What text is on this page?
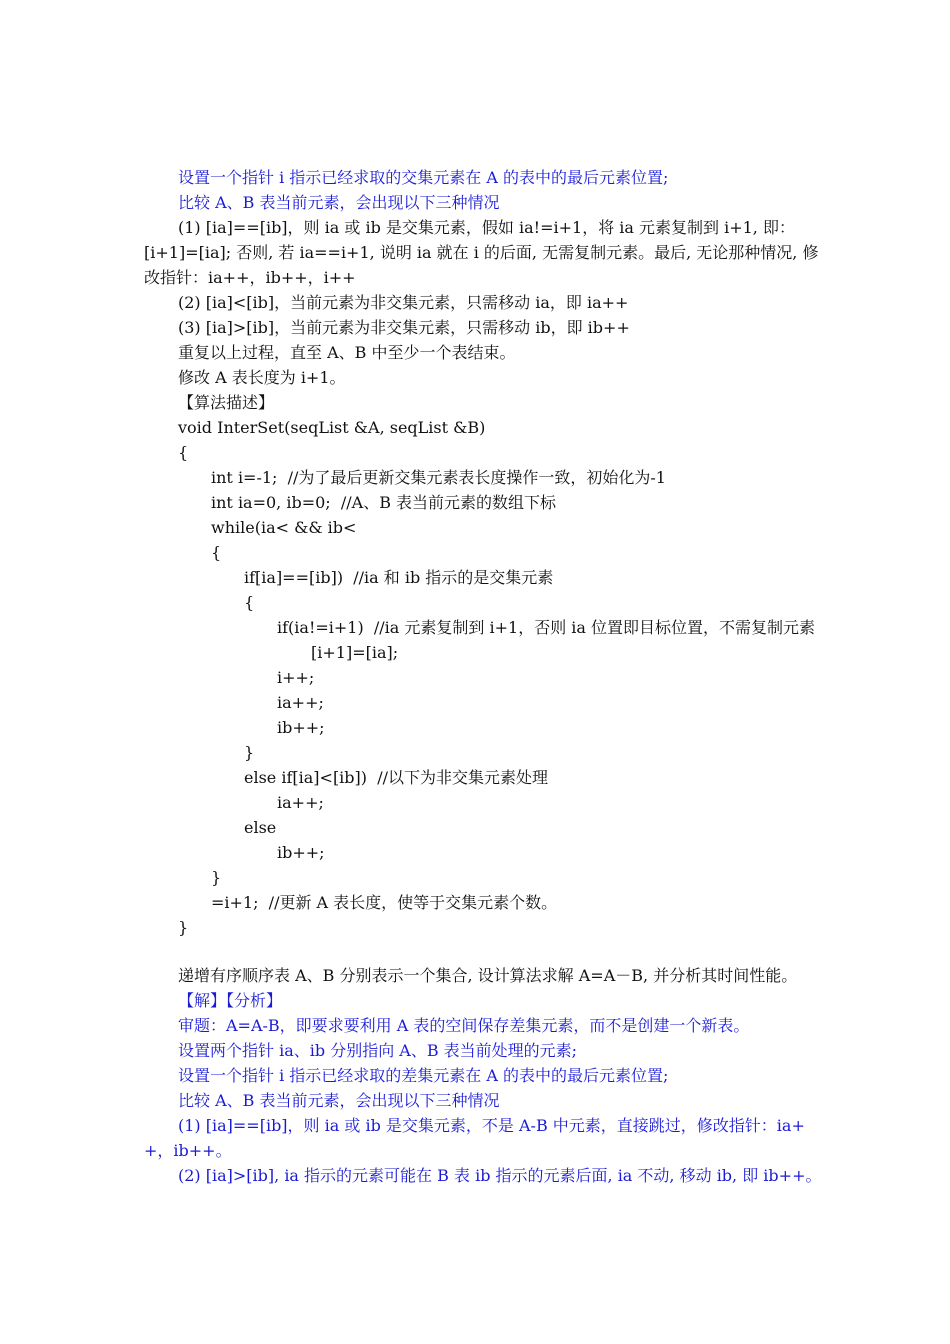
设置一个指针 i 指示已经求取的交集元素在 A 的表中的最后元素位置;
比较 A、B 表当前元素，会出现以下三种情况
(1) [ia]==[ib]，则 ia 或 ib 是交集元素，假如 ia!=i+1，将 ia 元素复制到 i+1, 即：
[i+1]=[ia]; 否则, 若 ia==i+1, 说明 ia 就在 i 的后面, 无需复制元素。最后, 无论那种情况, 修
改指针：ia++，ib++，i++
(2) [ia]<[ib]，当前元素为非交集元素，只需移动 ia，即 ia++
(3) [ia]>[ib]，当前元素为非交集元素，只需移动 ib，即 ib++
重复以上过程，直至 A、B 中至少一个表结束。
修改 A 表长度为 i+1。
【算法描述】
void InterSet(seqList &A, seqList &B)
{
int i=-1;  //为了最后更新交集元素表长度操作一致，初始化为-1
int ia=0, ib=0;  //A、B 表当前元素的数组下标
while(ia< && ib<
{
if[ia]==[ib])  //ia 和 ib 指示的是交集元素
{
if(ia!=i+1)  //ia 元素复制到 i+1，否则 ia 位置即目标位置，不需复制元素
[i+1]=[ia];
i++;
ia++;
ib++;
}
else if[ia]<[ib])  //以下为非交集元素处理
ia++;
else
ib++;
}
=i+1;  //更新 A 表长度，使等于交集元素个数。
}
递增有序顺序表 A、B 分别表示一个集合, 设计算法求解 A=A－B, 并分析其时间性能。
【解】【分析】
审题：A=A-B，即要求要利用 A 表的空间保存差集元素，而不是创建一个新表。
设置两个指针 ia、ib 分别指向 A、B 表当前处理的元素;
设置一个指针 i 指示已经求取的差集元素在 A 的表中的最后元素位置;
比较 A、B 表当前元素，会出现以下三种情况
(1) [ia]==[ib]，则 ia 或 ib 是交集元素，不是 A-B 中元素，直接跳过，修改指针：ia+
+，ib++。
(2) [ia]>[ib], ia 指示的元素可能在 B 表 ib 指示的元素后面, ia 不动, 移动 ib, 即 ib++。
